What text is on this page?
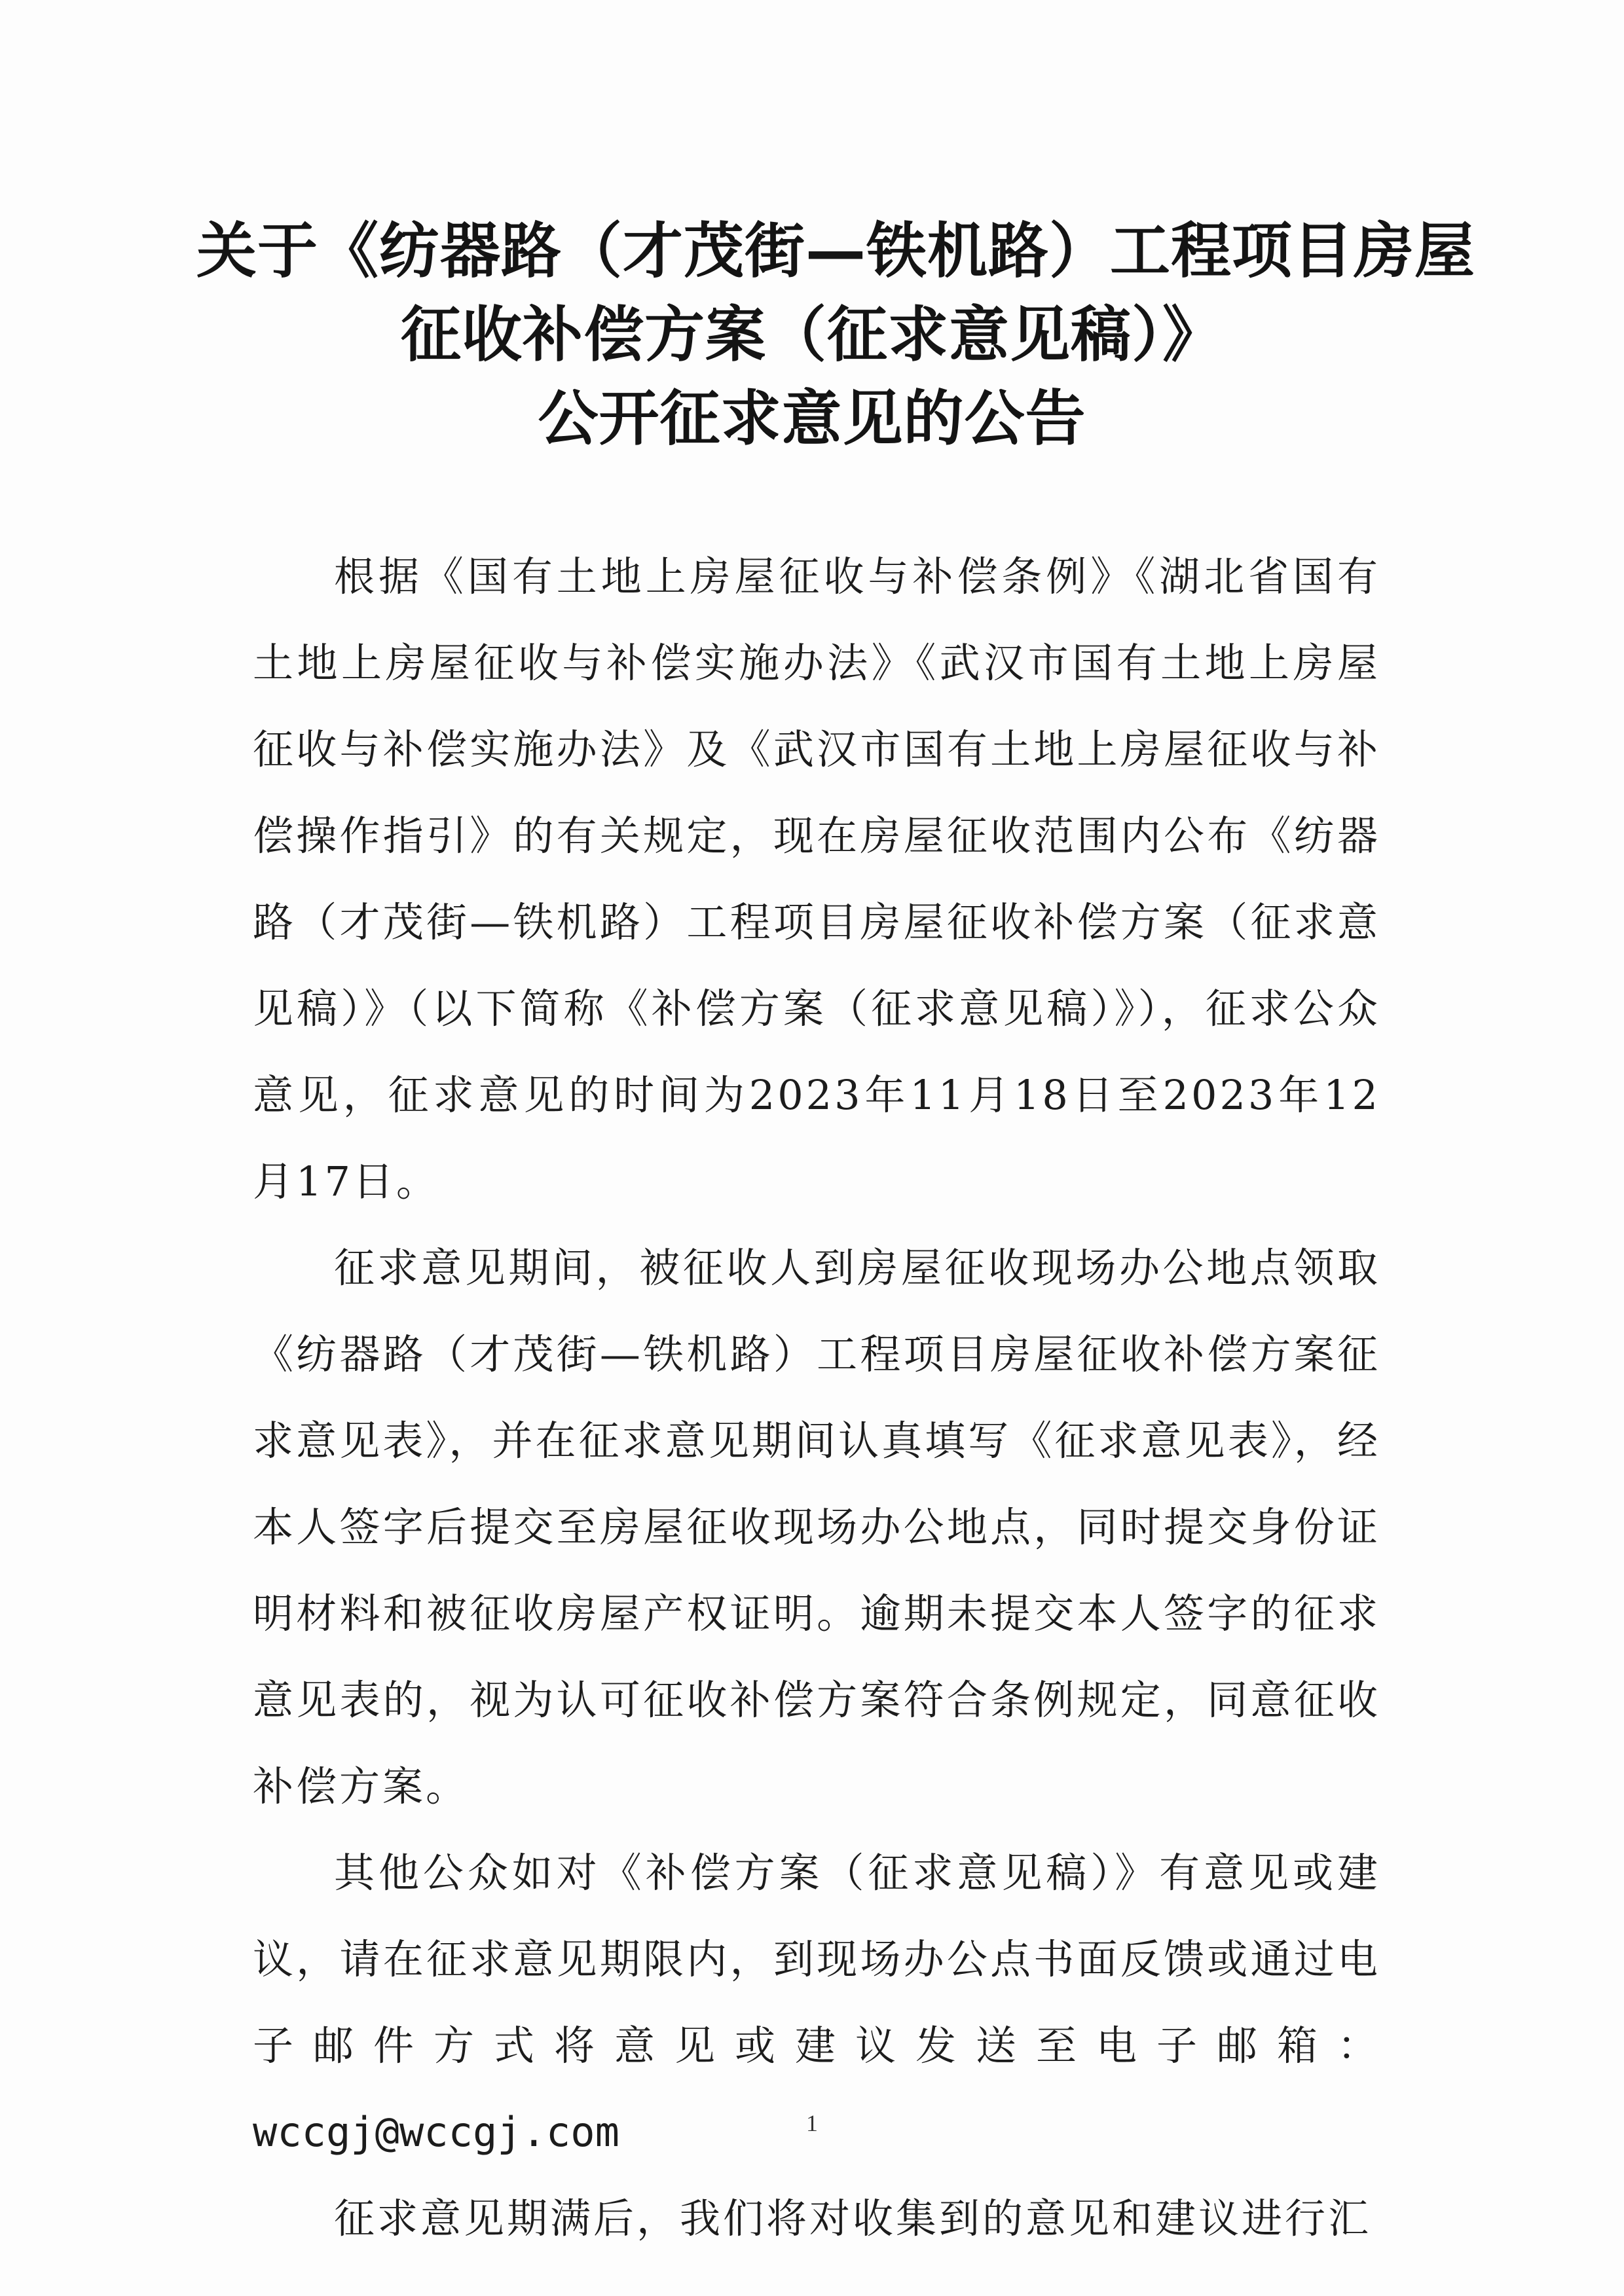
关于《纺器路（才茂街—铁机路）工程项目房屋
征收补偿方案（征求意见稿）》
公开征求意见的公告

根据《国有土地上房屋征收与补偿条例》《湖北省国有土地上房屋征收与补偿实施办法》《武汉市国有土地上房屋征收与补偿实施办法》及《武汉市国有土地上房屋征收与补偿操作指引》的有关规定，现在房屋征收范围内公布《纺器路（才茂街—铁机路）工程项目房屋征收补偿方案（征求意见稿）》（以下简称《补偿方案（征求意见稿）》），征求公众意见，征求意见的时间为2023年11月18日至2023年12月17日。

征求意见期间，被征收人到房屋征收现场办公地点领取《纺器路（才茂街—铁机路）工程项目房屋征收补偿方案征求意见表》，并在征求意见期间认真填写《征求意见表》，经本人签字后提交至房屋征收现场办公地点，同时提交身份证明材料和被征收房屋产权证明。逾期未提交本人签字的征求意见表的，视为认可征收补偿方案符合条例规定，同意征收补偿方案。

其他公众如对《补偿方案（征求意见稿）》有意见或建议，请在征求意见期限内，到现场办公点书面反馈或通过电子邮件方式将意见或建议发送至电子邮箱：wccgj@wccgj.com

征求意见期满后，我们将对收集到的意见和建议进行汇

1
